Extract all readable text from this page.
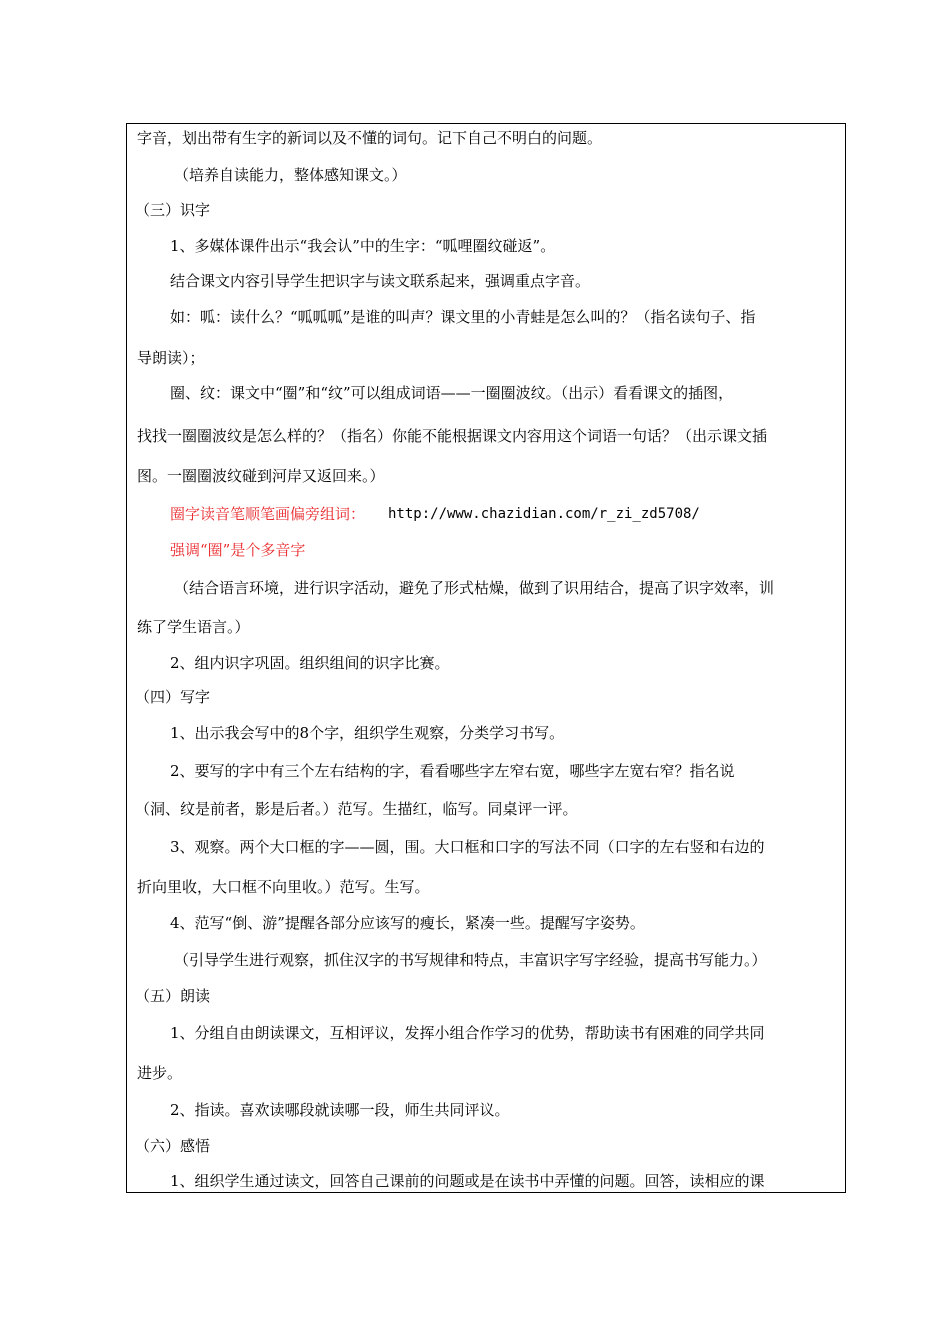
字音，划出带有生字的新词以及不懂的词句。记下自己不明白的问题。
（培养自读能力，整体感知课文。）
（三）识字
1、多媒体课件出示“我会认”中的生字：“呱哩圈纹碰返”。
结合课文内容引导学生把识字与读文联系起来，强调重点字音。
如：呱：读什么？“呱呱呱”是谁的叫声？课文里的小青蛙是怎么叫的？（指名读句子、指
导朗读）；
圈、纹：课文中“圈”和“纹”可以组成词语——一圈圈波纹。（出示）看看课文的插图，
找找一圈圈波纹是怎么样的？（指名）你能不能根据课文内容用这个词语一句话？（出示课文插
图。一圈圈波纹碰到河岸又返回来。）
圈字读音笔顺笔画偏旁组词： http://www.chazidian.com/r_zi_zd5708/
强调“圈”是个多音字
（结合语言环境，进行识字活动，避免了形式枯燥，做到了识用结合，提高了识字效率，训
练了学生语言。）
2、组内识字巩固。组织组间的识字比赛。
（四）写字
1、出示我会写中的8个字，组织学生观察，分类学习书写。
2、要写的字中有三个左右结构的字，看看哪些字左窄右宽，哪些字左宽右窄？指名说
（洞、纹是前者，影是后者。）范写。生描红，临写。同桌评一评。
3、观察。两个大口框的字——圆，围。大口框和口字的写法不同（口字的左右竖和右边的
折向里收，大口框不向里收。）范写。生写。
4、范写“倒、游”提醒各部分应该写的瘦长，紧凑一些。提醒写字姿势。
（引导学生进行观察，抓住汉字的书写规律和特点，丰富识字写字经验，提高书写能力。）
（五）朗读
1、分组自由朗读课文，互相评议，发挥小组合作学习的优势，帮助读书有困难的同学共同
进步。
2、指读。喜欢读哪段就读哪一段，师生共同评议。
（六）感悟
1、组织学生通过读文，回答自己课前的问题或是在读书中弄懂的问题。回答，读相应的课
